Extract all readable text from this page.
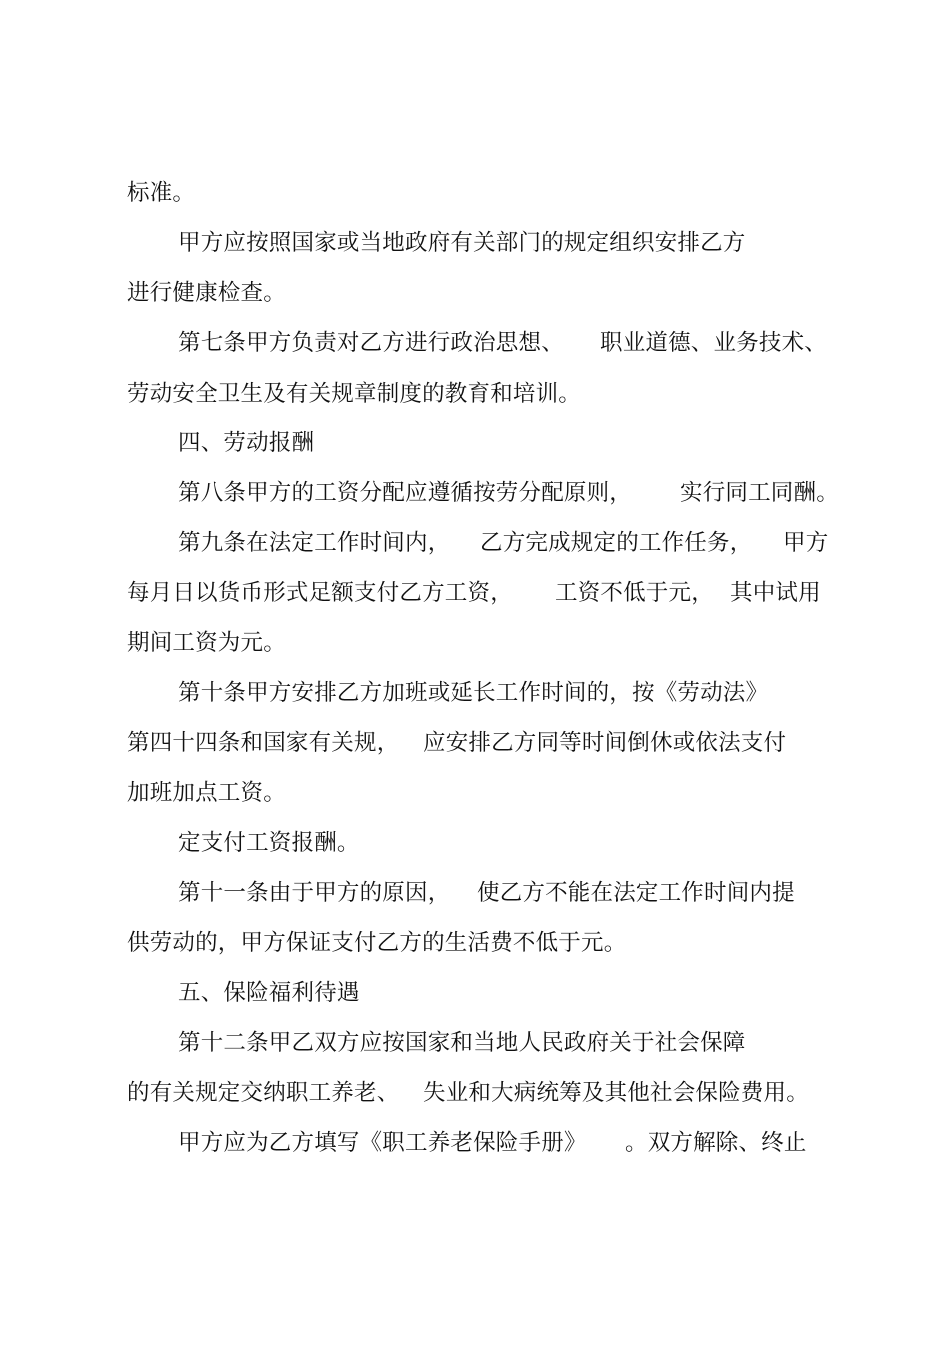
标准。
甲方应按照国家或当地政府有关部门的规定组织安排乙方
进行健康检查。
第七条甲方负责对乙方进行政治思想、 职业道德、业务技术、
劳动安全卫生及有关规章制度的教育和培训。
四、劳动报酬
第八条甲方的工资分配应遵循按劳分配原则， 实行同工同酬。
第九条在法定工作时间内， 乙方完成规定的工作任务， 甲方
每月日以货币形式足额支付乙方工资， 工资不低于元， 其中试用
期间工资为元。
第十条甲方安排乙方加班或延长工作时间的，按《劳动法》
第四十四条和国家有关规， 应安排乙方同等时间倒休或依法支付
加班加点工资。
定支付工资报酬。
第十一条由于甲方的原因， 使乙方不能在法定工作时间内提
供劳动的，甲方保证支付乙方的生活费不低于元。
五、保险福利待遇
第十二条甲乙双方应按国家和当地人民政府关于社会保障
的有关规定交纳职工养老、 失业和大病统筹及其他社会保险费用。
甲方应为乙方填写《职工养老保险手册》 。双方解除、终止
